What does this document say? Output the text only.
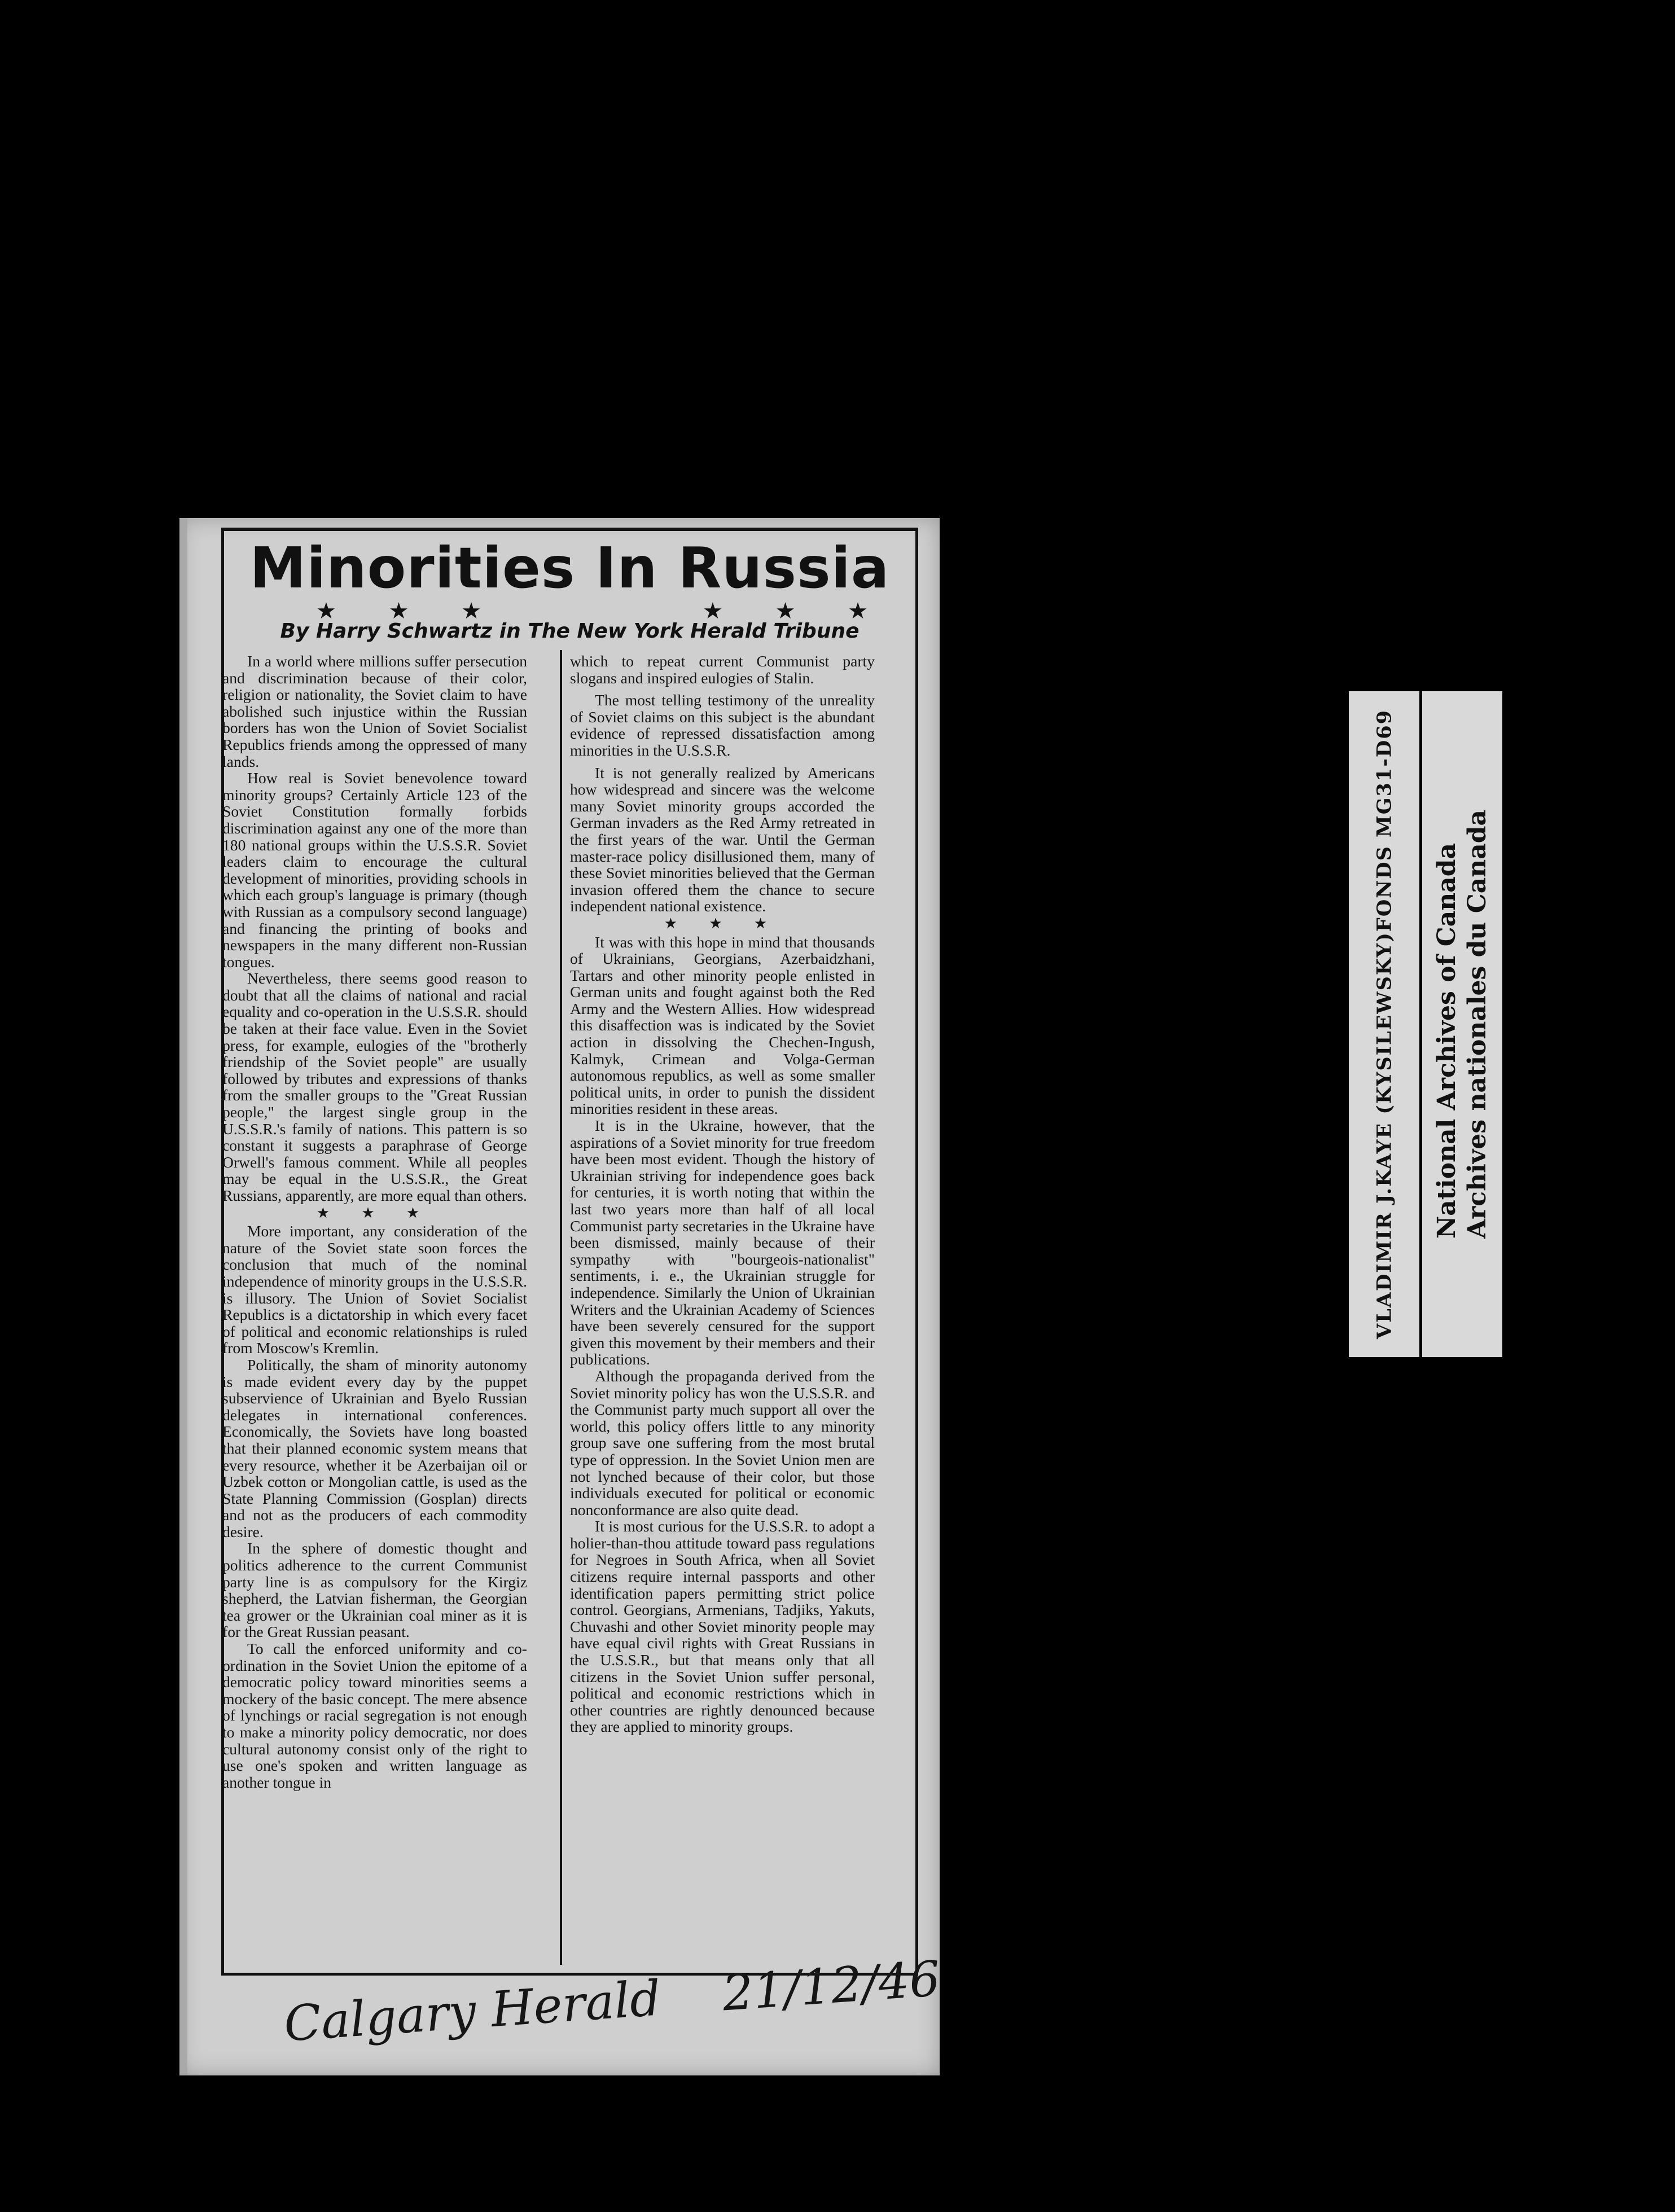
Minorities In Russia
★ ★ ★	★ ★ ★
By Harry Schwartz in The New York Herald Tribune

In a world where millions suffer persecution and discrimination because of their color, religion or nationality, the Soviet claim to have abolished such injustice within the Russian borders has won the Union of Soviet Socialist Republics friends among the oppressed of many lands.

How real is Soviet benevolence toward minority groups? Certainly Article 123 of the Soviet Constitution formally forbids discrimination against any one of the more than 180 national groups within the U.S.S.R. Soviet leaders claim to encourage the cultural development of minorities, providing schools in which each group's language is primary (though with Russian as a compulsory second language) and financing the printing of books and newspapers in the many different non-Russian tongues.

Nevertheless, there seems good reason to doubt that all the claims of national and racial equality and co-operation in the U.S.S.R. should be taken at their face value. Even in the Soviet press, for example, eulogies of the "brotherly friendship of the Soviet people" are usually followed by tributes and expressions of thanks from the smaller groups to the "Great Russian people," the largest single group in the U.S.S.R.'s family of nations. This pattern is so constant it suggests a paraphrase of George Orwell's famous comment. While all peoples may be equal in the U.S.S.R., the Great Russians, apparently, are more equal than others.

★ ★ ★

More important, any consideration of the nature of the Soviet state soon forces the conclusion that much of the nominal independence of minority groups in the U.S.S.R. is illusory. The Union of Soviet Socialist Republics is a dictatorship in which every facet of political and economic relationships is ruled from Moscow's Kremlin.

Politically, the sham of minority autonomy is made evident every day by the puppet subservience of Ukrainian and Byelo Russian delegates in international conferences. Economically, the Soviets have long boasted that their planned economic system means that every resource, whether it be Azerbaijan oil or Uzbek cotton or Mongolian cattle, is used as the State Planning Commission (Gosplan) directs and not as the producers of each commodity desire.

In the sphere of domestic thought and politics adherence to the current Communist party line is as compulsory for the Kirgiz shepherd, the Latvian fisherman, the Georgian tea grower or the Ukrainian coal miner as it is for the Great Russian peasant.

To call the enforced uniformity and co-ordination in the Soviet Union the epitome of a democratic policy toward minorities seems a mockery of the basic concept. The mere absence of lynchings or racial segregation is not enough to make a minority policy democratic, nor does cultural autonomy consist only of the right to use one's spoken and written language as another tongue in

which to repeat current Communist party slogans and inspired eulogies of Stalin.

The most telling testimony of the unreality of Soviet claims on this subject is the abundant evidence of repressed dissatisfaction among minorities in the U.S.S.R.

It is not generally realized by Americans how widespread and sincere was the welcome many Soviet minority groups accorded the German invaders as the Red Army retreated in the first years of the war. Until the German master-race policy disillusioned them, many of these Soviet minorities believed that the German invasion offered them the chance to secure independent national existence.

★ ★ ★

It was with this hope in mind that thousands of Ukrainians, Georgians, Azerbaidzhani, Tartars and other minority people enlisted in German units and fought against both the Red Army and the Western Allies. How widespread this disaffection was is indicated by the Soviet action in dissolving the Chechen-Ingush, Kalmyk, Crimean and Volga-German autonomous republics, as well as some smaller political units, in order to punish the dissident minorities resident in these areas.

It is in the Ukraine, however, that the aspirations of a Soviet minority for true freedom have been most evident. Though the history of Ukrainian striving for independence goes back for centuries, it is worth noting that within the last two years more than half of all local Communist party secretaries in the Ukraine have been dismissed, mainly because of their sympathy with "bourgeois-nationalist" sentiments, i. e., the Ukrainian struggle for independence. Similarly the Union of Ukrainian Writers and the Ukrainian Academy of Sciences have been severely censured for the support given this movement by their members and their publications.

Although the propaganda derived from the Soviet minority policy has won the U.S.S.R. and the Communist party much support all over the world, this policy offers little to any minority group save one suffering from the most brutal type of oppression. In the Soviet Union men are not lynched because of their color, but those individuals executed for political or economic nonconformance are also quite dead.

It is most curious for the U.S.S.R. to adopt a holier-than-thou attitude toward pass regulations for Negroes in South Africa, when all Soviet citizens require internal passports and other identification papers permitting strict police control. Georgians, Armenians, Tadjiks, Yakuts, Chuvashi and other Soviet minority people may have equal civil rights with Great Russians in the U.S.S.R., but that means only that all citizens in the Soviet Union suffer personal, political and economic restrictions which in other countries are rightly denounced because they are applied to minority groups.

Calgary Herald 21/12/46
VLADIMIR J.KAYE (KYSILEWSKY)FONDS MG31-D69 National Archives of Canada Archives nationales du Canada
